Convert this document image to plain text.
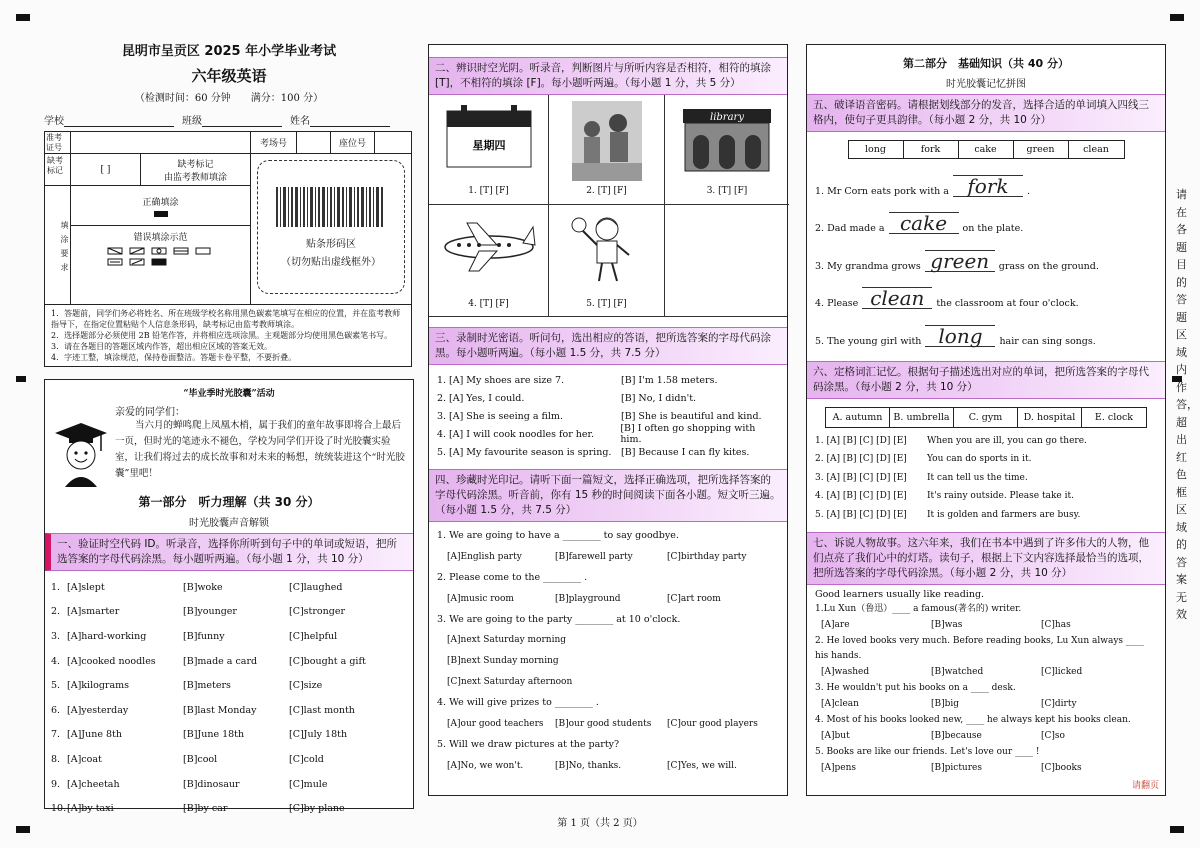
昆明市呈贡区 2025 年小学毕业考试
六年级英语
（检测时间：60 分钟　　满分：100 分）
学校	班级	姓名
准考证号	考场号	座位号
缺考标记	[ ]	缺考标记
由监考教师填涂
填涂要求
正确填涂
错误填涂示范
贴条形码区
（切勿贴出虚线框外）
1．答题前，同学们务必将姓名、所在班级学校名称用黑色碳素笔填写在相应的位置，并在监考教师指导下，在指定位置粘贴个人信息条形码，缺考标记由监考教师填涂。
2．选择题部分必须使用 2B 铅笔作答，并将相应选项涂黑。主观题部分均使用黑色碳素笔书写。
3．请在各题目的答题区域内作答，超出相应区域的答案无效。
4．字迹工整，填涂规范，保持卷面整洁。答题卡卷平整，不要折叠。
“毕业季时光胶囊”活动
亲爱的同学们：
当六月的蝉鸣爬上凤凰木梢，属于我们的童年故事即将合上最后一页，但时光的笔迹永不褪色，学校为同学们开设了时光胶囊实验室，让我们将过去的成长故事和对未来的畅想，统统装进这个“时光胶囊”里吧！
第一部分　听力理解（共 30 分）
时光胶囊声音解锁
一、验证时空代码 ID。听录音，选择你所听到句子中的单词或短语，把所选答案的字母代码涂黑。每小题听两遍。（每小题 1 分，共 10 分）
1. [A]slept	[B]woke	[C]laughed
2. [A]smarter	[B]younger	[C]stronger
3. [A]hard-working	[B]funny	[C]helpful
4. [A]cooked noodles	[B]made a card	[C]bought a gift
5. [A]kilograms	[B]meters	[C]size
6. [A]yesterday	[B]last Monday	[C]last month
7. [A]June 8th	[B]June 18th	[C]July 18th
8. [A]coat	[B]cool	[C]cold
9. [A]cheetah	[B]dinosaur	[C]mule
10. [A]by taxi	[B]by car	[C]by plane
二、辨识时空光阴。听录音，判断图片与所听内容是否相符，相符的填涂 [T]，不相符的填涂 [F]。每小题听两遍。（每小题 1 分，共 5 分）
星期四
1. [T] [F]	2. [T] [F]
library
3. [T] [F]
4. [T] [F]	5. [T] [F]
三、录制时光密语。听问句，选出相应的答语，把所选答案的字母代码涂黑。每小题听两遍。（每小题 1.5 分，共 7.5 分）
1. [A] My shoes are size 7.	[B] I'm 1.58 meters.
2. [A] Yes, I could.	[B] No, I didn't.
3. [A] She is seeing a film.	[B] She is beautiful and kind.
4. [A] I will cook noodles for her.	[B] I often go shopping with him.
5. [A] My favourite season is spring.	[B] Because I can fly kites.
四、珍藏时光印记。请听下面一篇短文，选择正确选项，把所选择答案的字母代码涂黑。听音前，你有 15 秒的时间阅读下面各小题。短文听三遍。（每小题 1.5 分，共 7.5 分）
1. We are going to have a ________ to say goodbye.
[A]English party	[B]farewell party	[C]birthday party
2. Please come to the ________ .
[A]music room	[B]playground	[C]art room
3. We are going to the party ________ at 10 o'clock.
[A]next Saturday morning
[B]next Sunday morning
[C]next Saturday afternoon
4. We will give prizes to ________ .
[A]our good teachers	[B]our good students	[C]our good players
5. Will we draw pictures at the party?
[A]No, we won't.	[B]No, thanks.	[C]Yes, we will.
第二部分　基础知识（共 40 分）
时光胶囊记忆拼图
五、破译语音密码。请根据划线部分的发音，选择合适的单词填入四线三格内，使句子更具韵律。（每小题 2 分，共 10 分）
long	fork	cake	green	clean
1. Mr Corn eats pork with a fork	.
2. Dad made a cake	on the plate.
3. My grandma grows green	grass on the ground.
4. Please clean	the classroom at four o'clock.
5. The young girl with long	hair can sing songs.
六、定格词汇记忆。根据句子描述选出对应的单词，把所选答案的字母代码涂黑。（每小题 2 分，共 10 分）
A. autumn	B. umbrella	C. gym	D. hospital	E. clock
1. [A] [B] [C] [D] [E]	When you are ill, you can go there.
2. [A] [B] [C] [D] [E]	You can do sports in it.
3. [A] [B] [C] [D] [E]	It can tell us the time.
4. [A] [B] [C] [D] [E]	It's rainy outside. Please take it.
5. [A] [B] [C] [D] [E]	It is golden and farmers are busy.
七、诉说人物故事。这六年来，我们在书本中遇到了许多伟大的人物，他们点亮了我们心中的灯塔。读句子，根据上下文内容选择最恰当的选项，把所选答案的字母代码涂黑。（每小题 2 分，共 10 分）
Good learners usually like reading.
1.Lu Xun（鲁迅）____ a famous(著名的) writer.
[A]are	[B]was	[C]has
2. He loved books very much. Before reading books, Lu Xun always ____ his hands.
[A]washed	[B]watched	[C]licked
3. He wouldn't put his books on a ____ desk.
[A]clean	[B]big	[C]dirty
4. Most of his books looked new, ____ he always kept his books clean.
[A]but	[B]because	[C]so
5. Books are like our friends. Let's love our ____ !
[A]pens	[B]pictures	[C]books
请翻页
请在各题目的答题区域内作答，超出红色框区域的答案无效
第 1 页（共 2 页）
